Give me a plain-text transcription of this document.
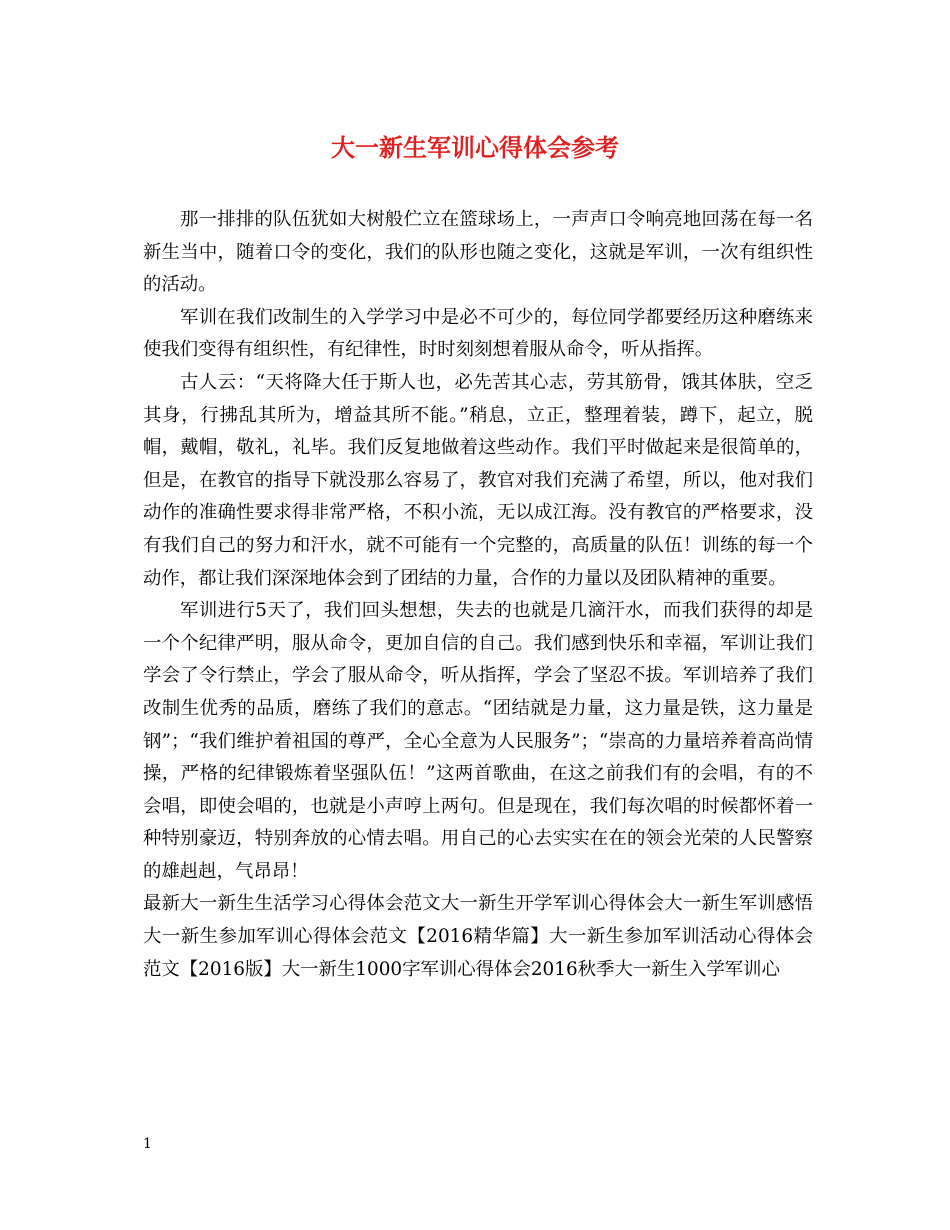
大一新生军训心得体会参考

那一排排的队伍犹如大树般伫立在篮球场上，一声声口令响亮地回荡在每一名新生当中，随着口令的变化，我们的队形也随之变化，这就是军训，一次有组织性的活动。

军训在我们改制生的入学学习中是必不可少的，每位同学都要经历这种磨练来使我们变得有组织性，有纪律性，时时刻刻想着服从命令，听从指挥。

古人云：“天将降大任于斯人也，必先苦其心志，劳其筋骨，饿其体肤，空乏其身，行拂乱其所为，增益其所不能。”稍息，立正，整理着装，蹲下，起立，脱帽，戴帽，敬礼，礼毕。我们反复地做着这些动作。我们平时做起来是很简单的，但是，在教官的指导下就没那么容易了，教官对我们充满了希望，所以，他对我们动作的准确性要求得非常严格，不积小流，无以成江海。没有教官的严格要求，没有我们自己的努力和汗水，就不可能有一个完整的，高质量的队伍！训练的每一个动作，都让我们深深地体会到了团结的力量，合作的力量以及团队精神的重要。

军训进行5天了，我们回头想想，失去的也就是几滴汗水，而我们获得的却是一个个纪律严明，服从命令，更加自信的自己。我们感到快乐和幸福，军训让我们学会了令行禁止，学会了服从命令，听从指挥，学会了坚忍不拔。军训培养了我们改制生优秀的品质，磨练了我们的意志。“团结就是力量，这力量是铁，这力量是钢”；“我们维护着祖国的尊严，全心全意为人民服务”；“崇高的力量培养着高尚情操，严格的纪律锻炼着坚强队伍！”这两首歌曲，在这之前我们有的会唱，有的不会唱，即使会唱的，也就是小声哼上两句。但是现在，我们每次唱的时候都怀着一种特别豪迈，特别奔放的心情去唱。用自己的心去实实在在的领会光荣的人民警察的雄赳赳，气昂昂！

最新大一新生生活学习心得体会范文大一新生开学军训心得体会大一新生军训感悟大一新生参加军训心得体会范文【2016精华篇】大一新生参加军训活动心得体会范文【2016版】大一新生1000字军训心得体会2016秋季大一新生入学军训心

1
